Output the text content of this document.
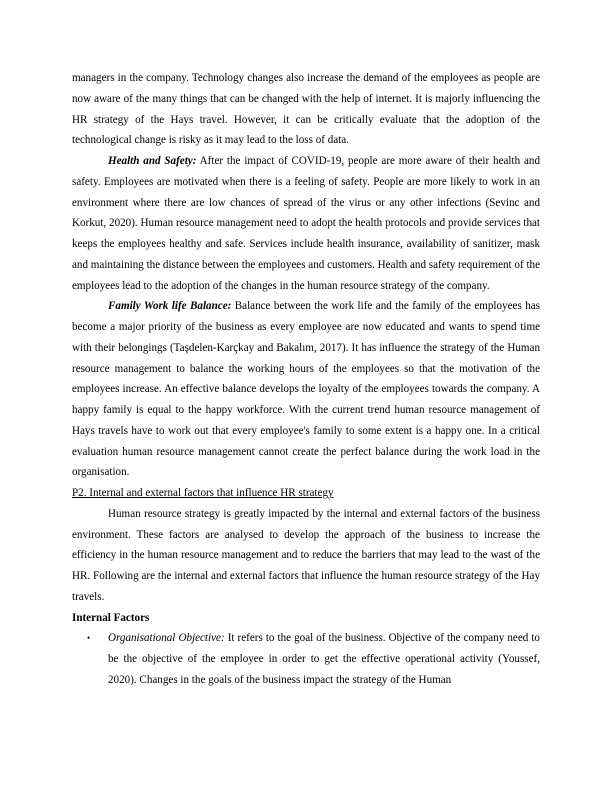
managers in the company. Technology changes also increase the demand of the employees as people are now aware of the many things that can be changed with the help of internet. It is majorly influencing the HR strategy of the Hays travel. However, it can be critically evaluate that the adoption of the technological change is risky as it may lead to the loss of data.

Health and Safety: After the impact of COVID-19, people are more aware of their health and safety. Employees are motivated when there is a feeling of safety. People are more likely to work in an environment where there are low chances of spread of the virus or any other infections (Sevinc and Korkut, 2020). Human resource management need to adopt the health protocols and provide services that keeps the employees healthy and safe. Services include health insurance, availability of sanitizer, mask and maintaining the distance between the employees and customers. Health and safety requirement of the employees lead to the adoption of the changes in the human resource strategy of the company.

Family Work life Balance: Balance between the work life and the family of the employees has become a major priority of the business as every employee are now educated and wants to spend time with their belongings (Taşdelen-Karçkay and Bakalım, 2017). It has influence the strategy of the Human resource management to balance the working hours of the employees so that the motivation of the employees increase. An effective balance develops the loyalty of the employees towards the company. A happy family is equal to the happy workforce. With the current trend human resource management of Hays travels have to work out that every employee's family to some extent is a happy one. In a critical evaluation human resource management cannot create the perfect balance during the work load in the organisation.

P2. Internal and external factors that influence HR strategy

Human resource strategy is greatly impacted by the internal and external factors of the business environment. These factors are analysed to develop the approach of the business to increase the efficiency in the human resource management and to reduce the barriers that may lead to the wast of the HR. Following are the internal and external factors that influence the human resource strategy of the Hay travels.

Internal Factors

• Organisational Objective: It refers to the goal of the business. Objective of the company need to be the objective of the employee in order to get the effective operational activity (Youssef, 2020). Changes in the goals of the business impact the strategy of the Human
